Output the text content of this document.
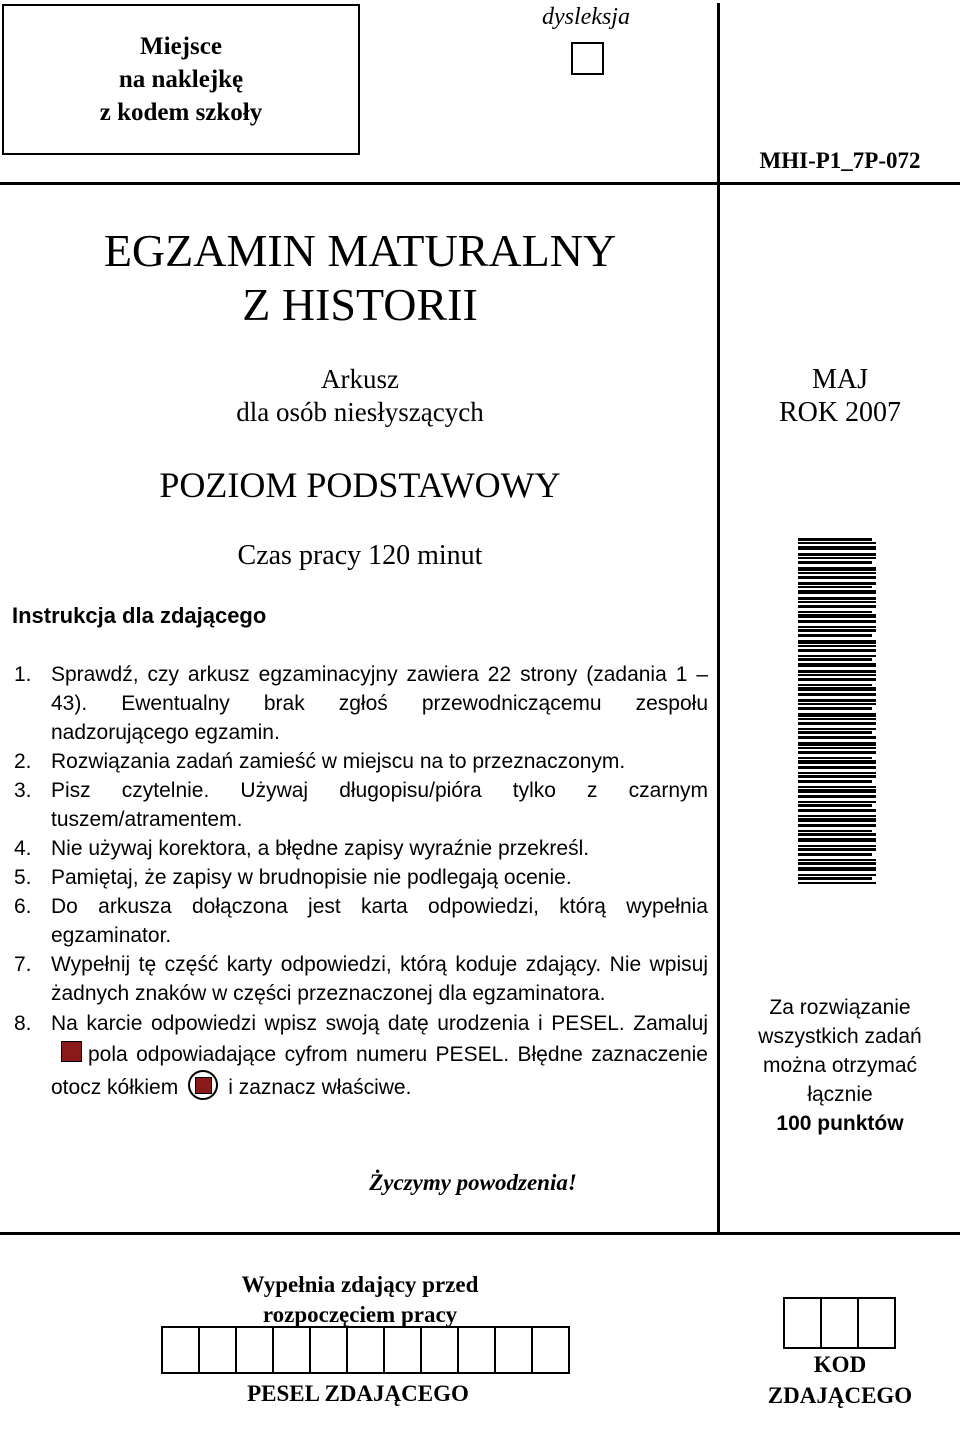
Miejsce
na naklejkę
z kodem szkoły
dysleksja
MHI-P1_7P-072
EGZAMIN MATURALNY
Z HISTORII
Arkusz
dla osób niesłyszących
MAJ
ROK 2007
POZIOM PODSTAWOWY
Czas pracy 120 minut
Instrukcja dla zdającego
1. Sprawdź, czy arkusz egzaminacyjny zawiera 22 strony (zadania 1 – 43). Ewentualny brak zgłoś przewodniczącemu zespołu nadzorującego egzamin.
2. Rozwiązania zadań zamieść w miejscu na to przeznaczonym.
3. Pisz czytelnie. Używaj długopisu/pióra tylko z czarnym tuszem/atramentem.
4. Nie używaj korektora, a błędne zapisy wyraźnie przekreśl.
5. Pamiętaj, że zapisy w brudnopisie nie podlegają ocenie.
6. Do arkusza dołączona jest karta odpowiedzi, którą wypełnia egzaminator.
7. Wypełnij tę część karty odpowiedzi, którą koduje zdający. Nie wpisuj żadnych znaków w części przeznaczonej dla egzaminatora.
8. Na karcie odpowiedzi wpisz swoją datę urodzenia i PESEL. Zamalujpola odpowiadające cyfrom numeru PESEL. Błędne zaznaczenie otocz kółkiem i zaznacz właściwe.
Za rozwiązanie
wszystkich zadań
można otrzymać
łącznie
100 punktów
Życzymy powodzenia!
Wypełnia zdający przed
rozpoczęciem pracy
PESEL ZDAJĄCEGO
KOD
ZDAJĄCEGO
